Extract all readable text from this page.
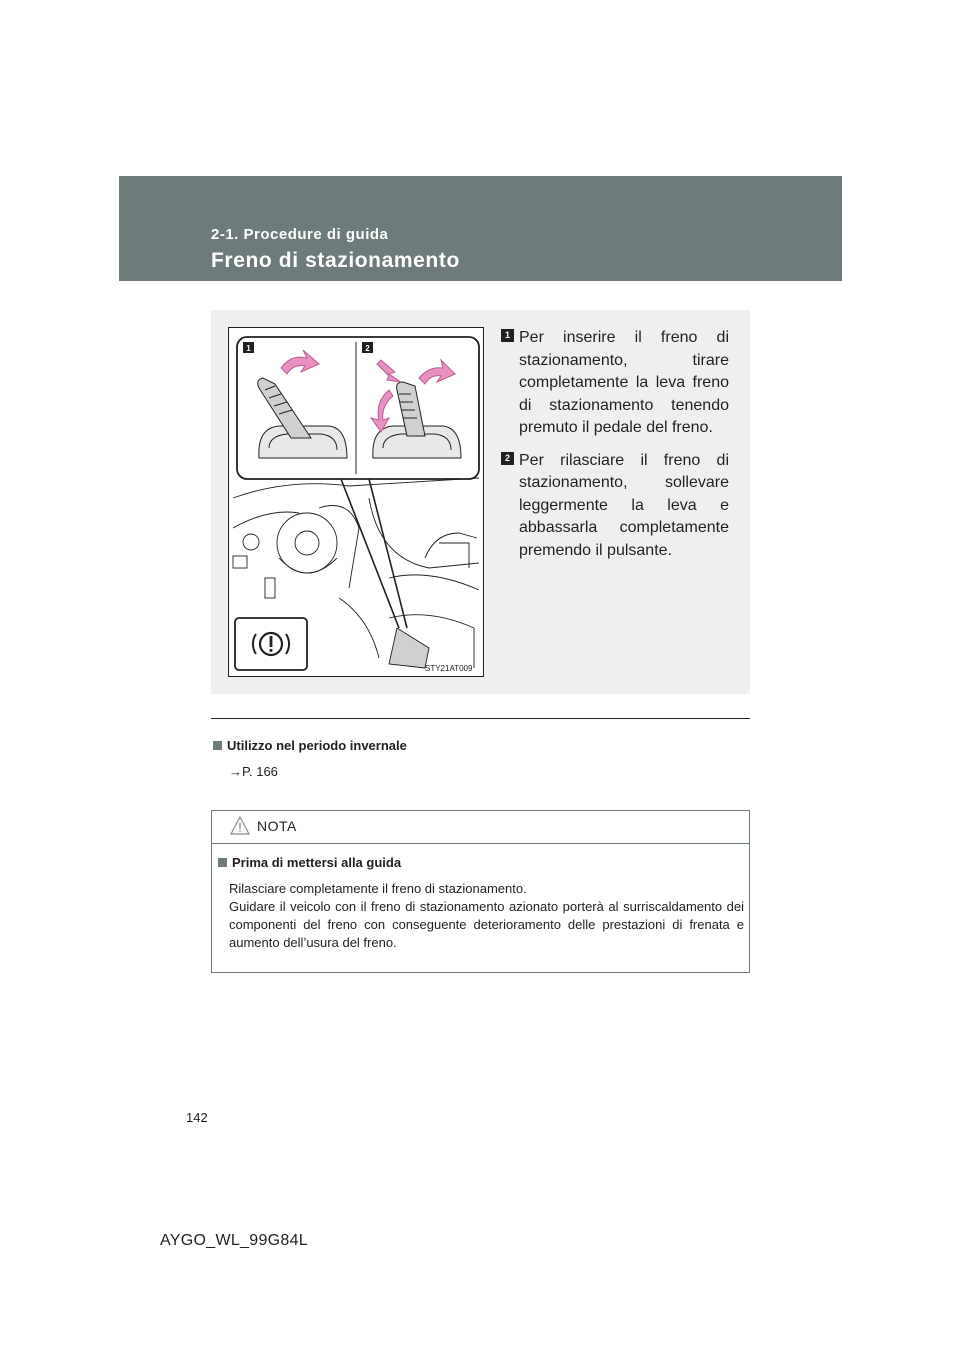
2-1. Procedure di guida
Freno di stazionamento
1	2
STY21AT009
1 Per inserire il freno di stazionamento, tirare completamente la leva freno di stazionamento tenendo premuto il pedale del freno.
2 Per rilasciare il freno di stazionamento, sollevare leggermente la leva e abbassarla completamente premendo il pulsante.
Utilizzo nel periodo invernale
→P. 166
NOTA
Prima di mettersi alla guida
Rilasciare completamente il freno di stazionamento.
Guidare il veicolo con il freno di stazionamento azionato porterà al surriscaldamento dei componenti del freno con conseguente deterioramento delle prestazioni di frenata e aumento dell’usura del freno.
142
AYGO_WL_99G84L
